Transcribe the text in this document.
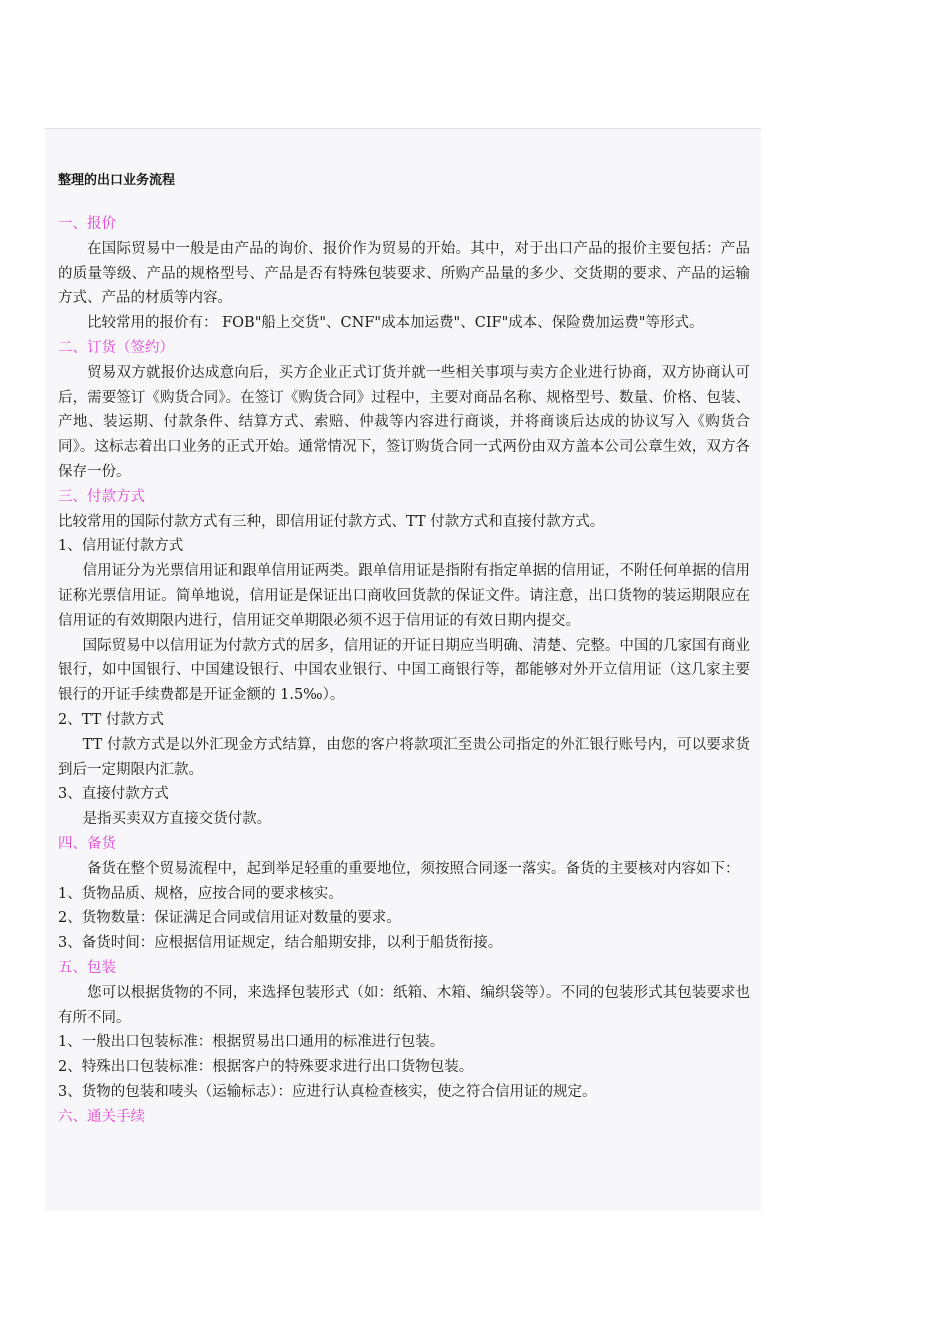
整理的出口业务流程

一、报价

在国际贸易中一般是由产品的询价、报价作为贸易的开始。其中，对于出口产品的报价主要包括：产品的质量等级、产品的规格型号、产品是否有特殊包装要求、所购产品量的多少、交货期的要求、产品的运输方式、产品的材质等内容。

比较常用的报价有： FOB"船上交货"、CNF"成本加运费"、CIF"成本、保险费加运费"等形式。

二、订货（签约）

贸易双方就报价达成意向后，买方企业正式订货并就一些相关事项与卖方企业进行协商，双方协商认可后，需要签订《购货合同》。在签订《购货合同》过程中，主要对商品名称、规格型号、数量、价格、包装、产地、装运期、付款条件、结算方式、索赔、仲裁等内容进行商谈，并将商谈后达成的协议写入《购货合同》。这标志着出口业务的正式开始。通常情况下，签订购货合同一式两份由双方盖本公司公章生效，双方各保存一份。

三、付款方式

比较常用的国际付款方式有三种，即信用证付款方式、TT 付款方式和直接付款方式。

1、信用证付款方式

信用证分为光票信用证和跟单信用证两类。跟单信用证是指附有指定单据的信用证，不附任何单据的信用证称光票信用证。简单地说，信用证是保证出口商收回货款的保证文件。请注意，出口货物的装运期限应在信用证的有效期限内进行，信用证交单期限必须不迟于信用证的有效日期内提交。

国际贸易中以信用证为付款方式的居多，信用证的开证日期应当明确、清楚、完整。中国的几家国有商业银行，如中国银行、中国建设银行、中国农业银行、中国工商银行等，都能够对外开立信用证（这几家主要银行的开证手续费都是开证金额的 1.5‰）。

2、TT 付款方式

TT 付款方式是以外汇现金方式结算，由您的客户将款项汇至贵公司指定的外汇银行账号内，可以要求货到后一定期限内汇款。

3、直接付款方式

是指买卖双方直接交货付款。

四、备货

备货在整个贸易流程中，起到举足轻重的重要地位，须按照合同逐一落实。备货的主要核对内容如下：

1、货物品质、规格，应按合同的要求核实。

2、货物数量：保证满足合同或信用证对数量的要求。

3、备货时间：应根据信用证规定，结合船期安排，以利于船货衔接。

五、包装

您可以根据货物的不同，来选择包装形式（如：纸箱、木箱、编织袋等）。不同的包装形式其包装要求也有所不同。

1、一般出口包装标准：根据贸易出口通用的标准进行包装。

2、特殊出口包装标准：根据客户的特殊要求进行出口货物包装。

3、货物的包装和唛头（运输标志）：应进行认真检查核实，使之符合信用证的规定。

六、通关手续
